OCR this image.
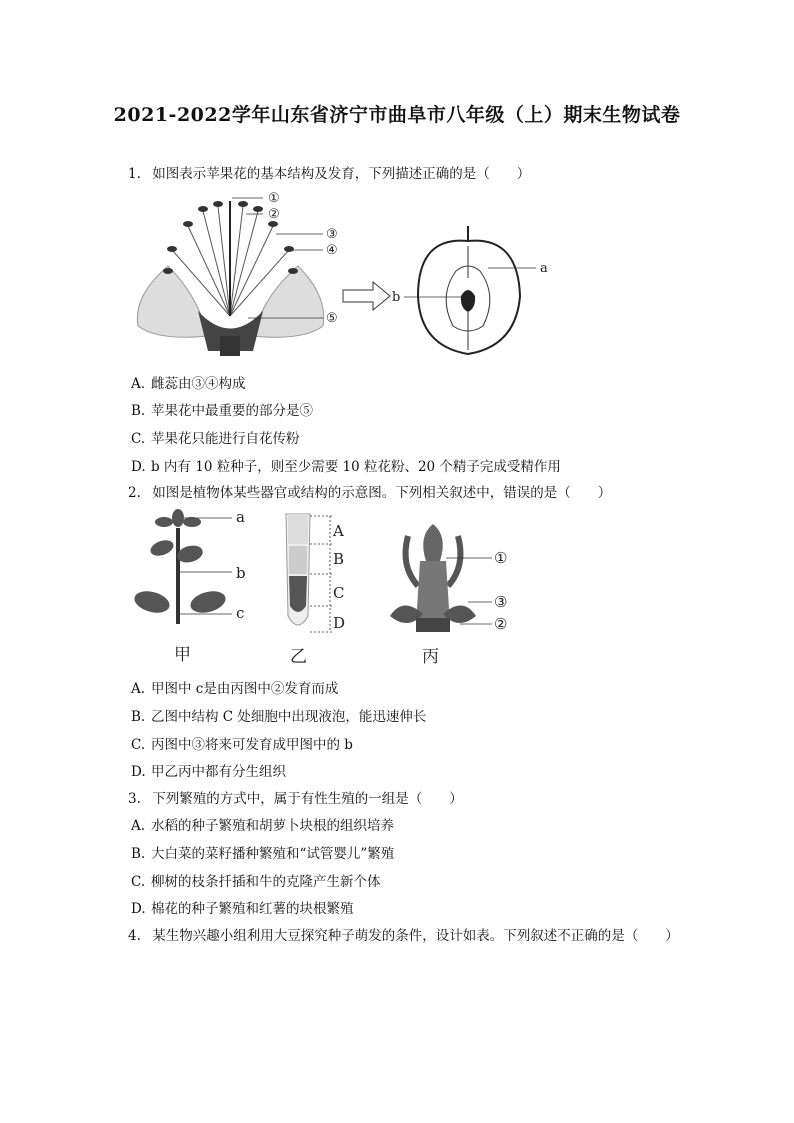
2021-2022学年山东省济宁市曲阜市八年级（上）期末生物试卷
1. 如图表示苹果花的基本结构及发育，下列描述正确的是（　　）
①
②
③
④
⑤
a
b
A. 雌蕊由③④构成
B. 苹果花中最重要的部分是⑤
C. 苹果花只能进行自花传粉
D. b 内有 10 粒种子，则至少需要 10 粒花粉、20 个精子完成受精作用
2. 如图是植物体某些器官或结构的示意图。下列相关叙述中，错误的是（　　）
a
b
c
A
B
C
D
①
③
②
甲	乙	丙
A. 甲图中 c是由丙图中②发育而成
B. 乙图中结构 C 处细胞中出现液泡，能迅速伸长
C. 丙图中③将来可发育成甲图中的 b
D. 甲乙丙中都有分生组织
3. 下列繁殖的方式中，属于有性生殖的一组是（　　）
A. 水稻的种子繁殖和胡萝卜块根的组织培养
B. 大白菜的菜籽播种繁殖和“试管婴儿”繁殖
C. 柳树的枝条扦插和牛的克隆产生新个体
D. 棉花的种子繁殖和红薯的块根繁殖
4. 某生物兴趣小组利用大豆探究种子萌发的条件，设计如表。下列叙述不正确的是（　　）
